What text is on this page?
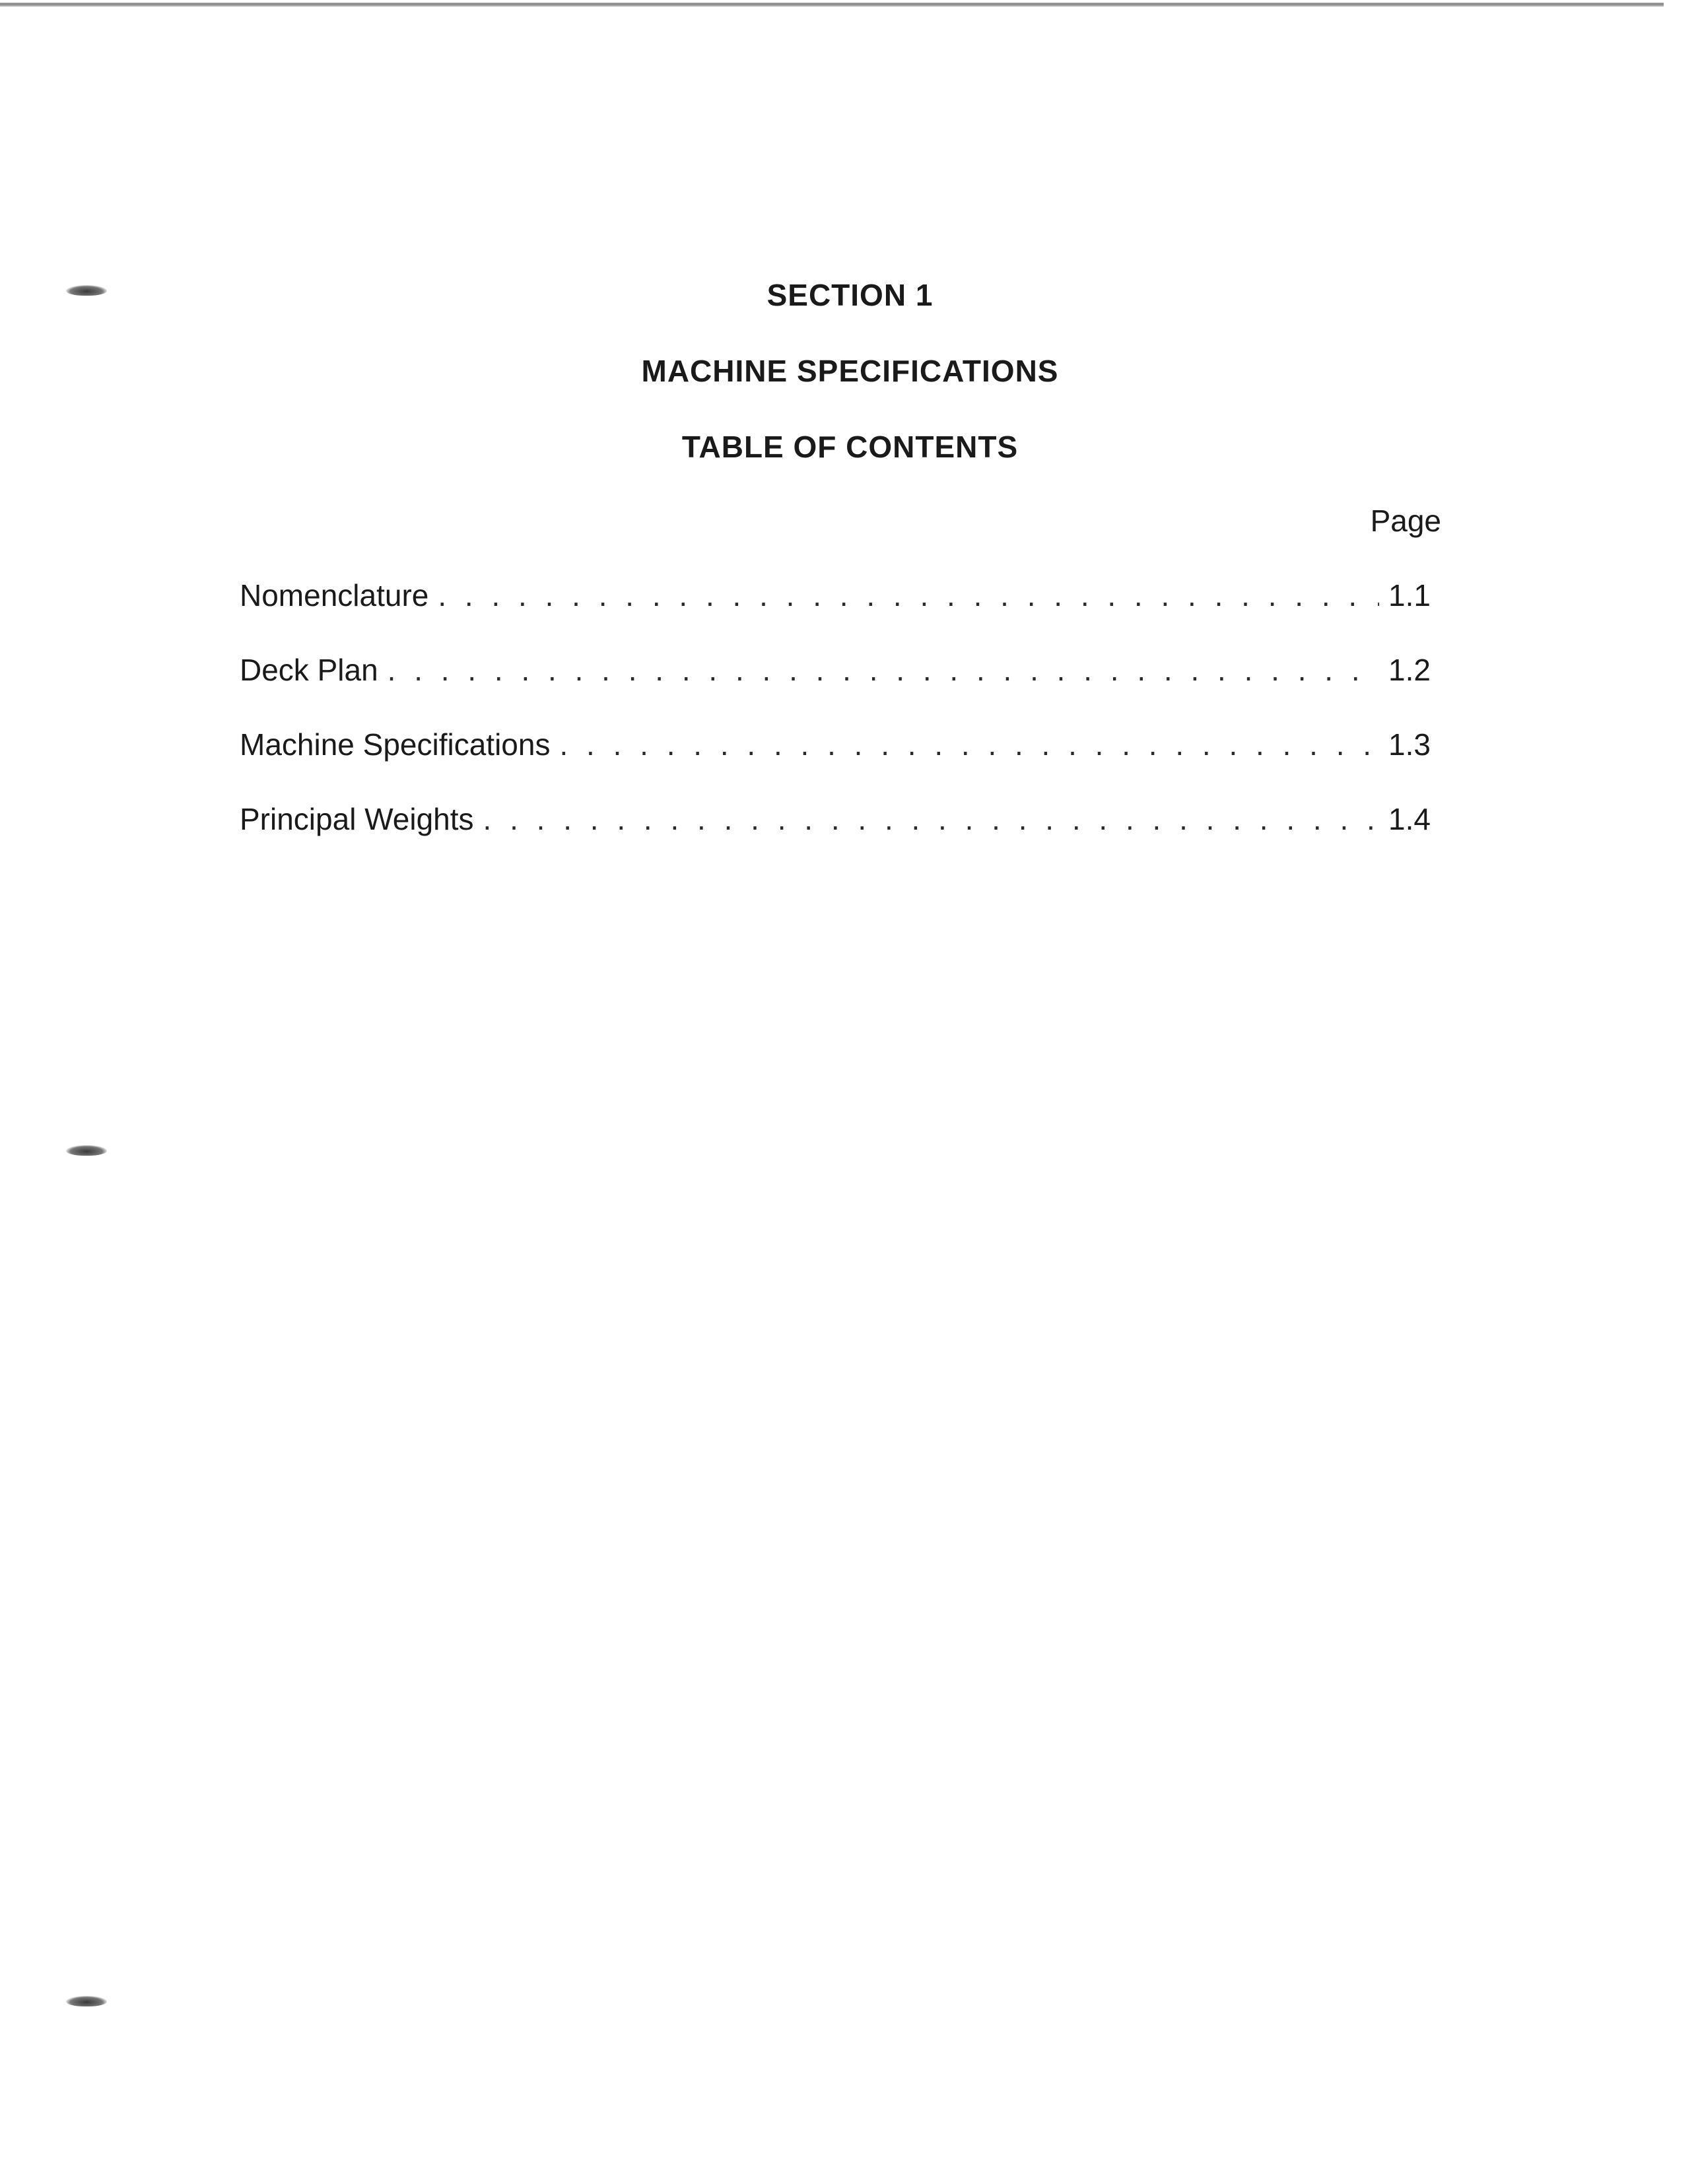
SECTION 1
MACHINE SPECIFICATIONS
TABLE OF CONTENTS

Page

Nomenclature . . .	1.1
Deck Plan . . .	1.2
Machine Specifications . . .	1.3
Principal Weights . . .	1.4
